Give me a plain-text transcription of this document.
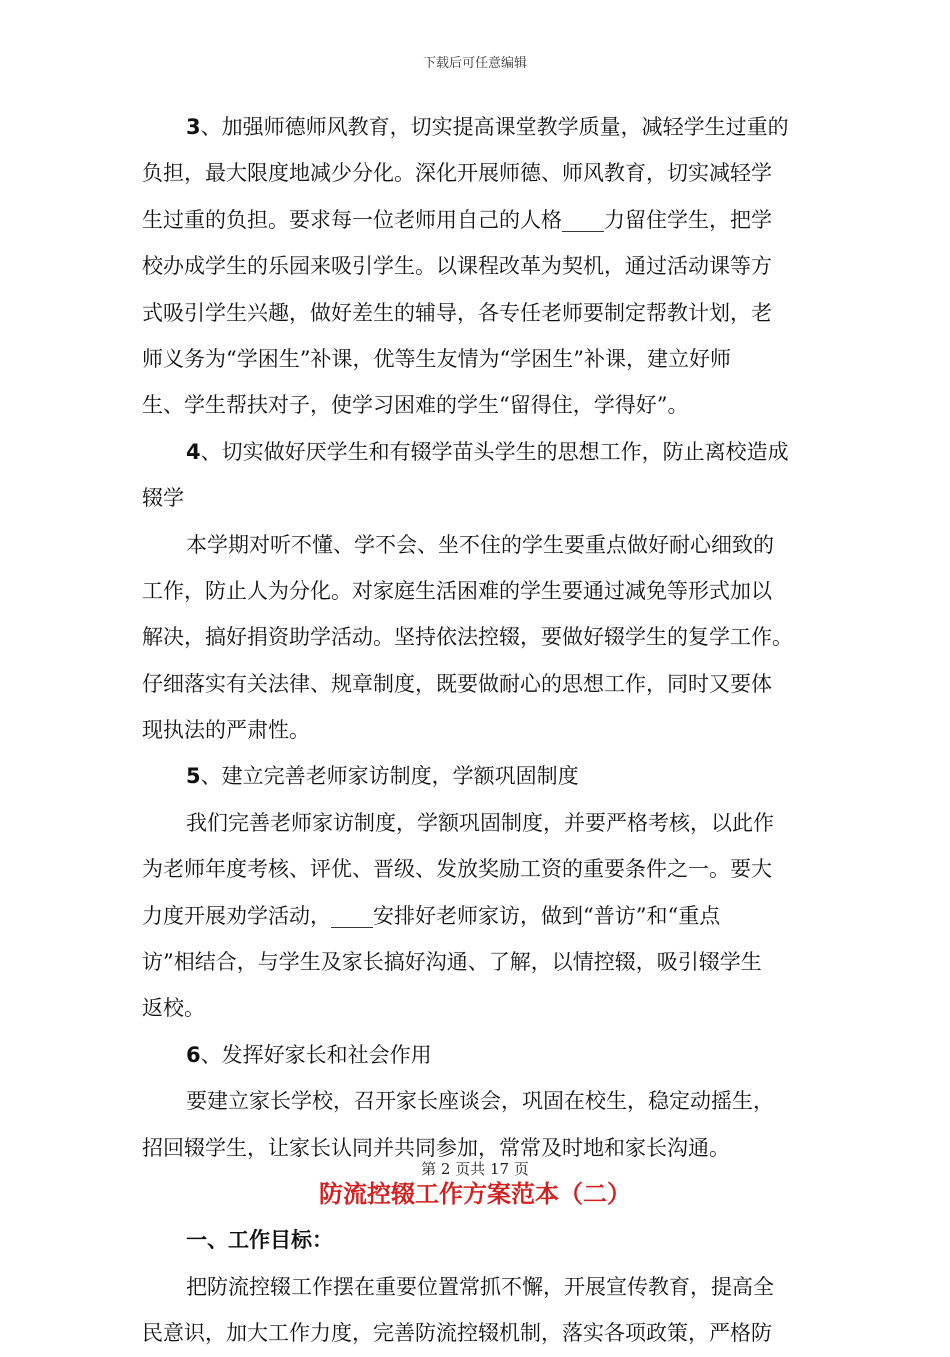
下载后可任意编辑
3、加强师德师风教育，切实提高课堂教学质量，减轻学生过重的
负担，最大限度地减少分化。深化开展师德、师风教育，切实减轻学
生过重的负担。要求每一位老师用自己的人格____力留住学生，把学
校办成学生的乐园来吸引学生。以课程改革为契机，通过活动课等方
式吸引学生兴趣，做好差生的辅导，各专任老师要制定帮教计划，老
师义务为“学困生”补课，优等生友情为“学困生”补课，建立好师
生、学生帮扶对子，使学习困难的学生“留得住，学得好”。
4、切实做好厌学生和有辍学苗头学生的思想工作，防止离校造成
辍学
本学期对听不懂、学不会、坐不住的学生要重点做好耐心细致的
工作，防止人为分化。对家庭生活困难的学生要通过减免等形式加以
解决，搞好捐资助学活动。坚持依法控辍，要做好辍学生的复学工作。
仔细落实有关法律、规章制度，既要做耐心的思想工作，同时又要体
现执法的严肃性。
5、建立完善老师家访制度，学额巩固制度
我们完善老师家访制度，学额巩固制度，并要严格考核，以此作
为老师年度考核、评优、晋级、发放奖励工资的重要条件之一。要大
力度开展劝学活动，____安排好老师家访，做到“普访”和“重点
访”相结合，与学生及家长搞好沟通、了解，以情控辍，吸引辍学生
返校。
6、发挥好家长和社会作用
要建立家长学校，召开家长座谈会，巩固在校生，稳定动摇生，
招回辍学生，让家长认同并共同参加，常常及时地和家长沟通。
防流控辍工作方案范本（二）
一、工作目标：
把防流控辍工作摆在重要位置常抓不懈，开展宣传教育，提高全
民意识，加大工作力度，完善防流控辍机制，落实各项政策，严格防
第 2 页共 17 页
